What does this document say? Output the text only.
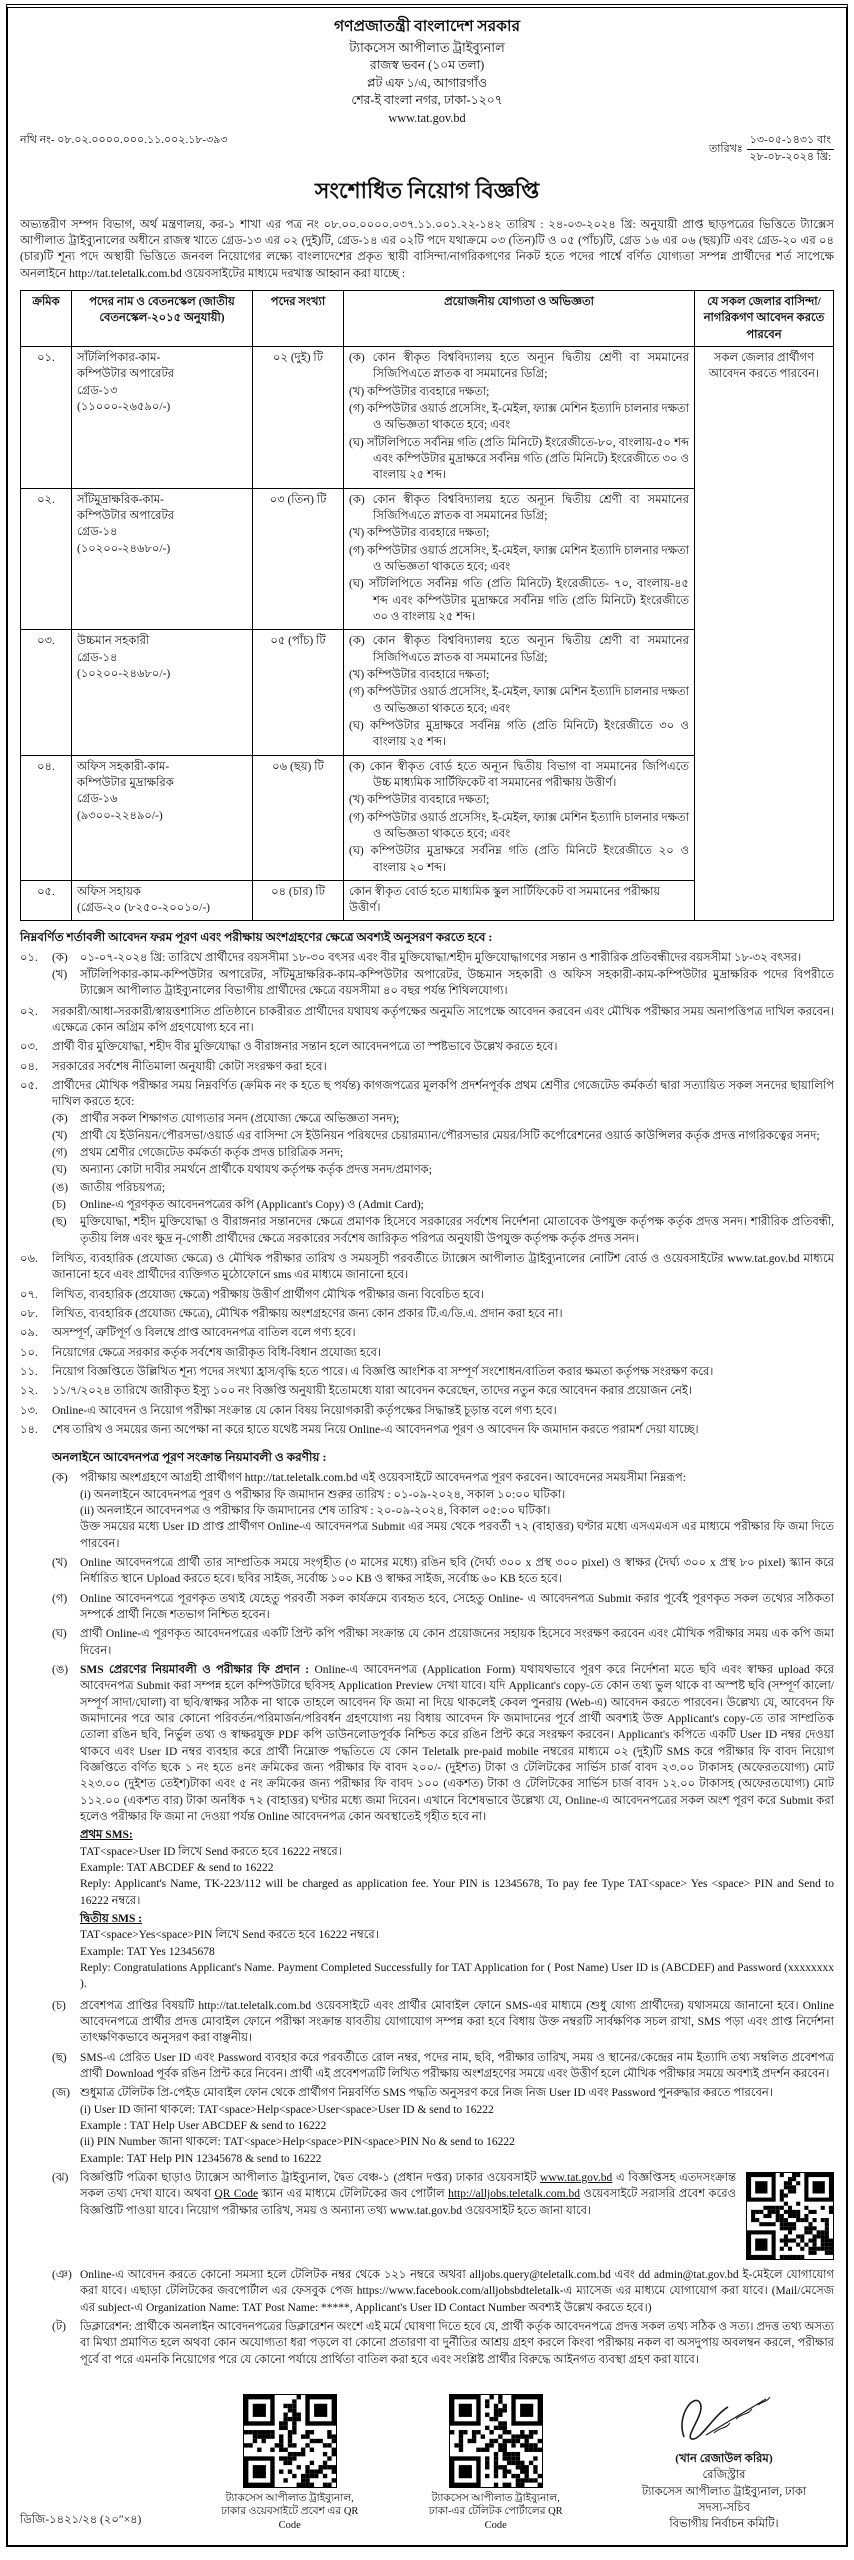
গণপ্রজাতন্ত্রী বাংলাদেশ সরকার
ট্যাকসেস আপীলাত ট্রাইব্যুনাল
রাজস্ব ভবন (১০ম তলা)
প্লট এফ ১/এ, আগারগাঁও
শের-ই বাংলা নগর, ঢাকা-১২০৭
www.tat.gov.bd
নথি নং- ০৮.০২.০০০০.০০০.১১.০০২.১৮-৩৯৩
তারিখঃ $\frac{\text{১৩-০৫-১৪৩১ বাং}}{\text{২৮-০৮-২০২৪ খ্রি:}}$
সংশোধিত নিয়োগ বিজ্ঞপ্তি
অভ্যন্তরীণ সম্পদ বিভাগ, অর্থ মন্ত্রণালয়, কর-১ শাখা এর পত্র নং ০৮.০০.০০০০.০৩৭.১১.০০১.২২-১৪২ তারিখ : ২৪-০৩-২০২৪ খ্রি: অনুযায়ী প্রাপ্ত ছাড়পত্রের ভিত্তিতে ট্যাক্সেস আপীলাত ট্রাইব্যুনালের অধীনে রাজস্ব খাতে গ্রেড-১৩ এর ০২ (দুই)টি, গ্রেড-১৪ এর ০২টি পদে যথাক্রমে ০৩ (তিন)টি ও ০৫ (পাঁচ)টি, গ্রেড ১৬ এর ০৬ (ছয়)টি এবং গ্রেড-২০ এর ০৪ (চার)টি শূন্য পদে অস্থায়ী ভিত্তিতে জনবল নিয়োগের লক্ষ্যে বাংলাদেশের প্রকৃত স্থায়ী বাসিন্দা/নাগরিকগণের নিকট হতে পদের পার্শ্বে বর্ণিত যোগ্যতা সম্পন্ন প্রার্থীদের শর্ত সাপেক্ষে অনলাইনে http://tat.teletalk.com.bd ওয়েবসাইটের মাধ্যমে দরখাস্ত আহ্বান করা যাচ্ছে :
ক্রমিক	পদের নাম ও বেতনস্কেল (জাতীয় বেতনস্কেল-২০১৫ অনুযায়ী)	পদের সংখ্যা	প্রয়োজনীয় যোগ্যতা ও অভিজ্ঞতা	যে সকল জেলার বাসিন্দা/নাগরিকগণ আবেদন করতে পারবেন
০১.	সাঁটলিপিকার-কাম-
কম্পিউটার অপারেটর
গ্রেড-১৩
(১১০০০-২৬৫৯০/-)	০২ (দুই) টি	(ক) কোন স্বীকৃত বিশ্ববিদ্যালয় হতে অন্যূন দ্বিতীয় শ্রেণী বা সমমানের সিজিপিএতে স্নাতক বা সমমানের ডিগ্রি;

(খ) কম্পিউটার ব্যবহারে দক্ষতা;

(গ) কম্পিউটার ওয়ার্ড প্রসেসিং, ই-মেইল, ফ্যাক্স মেশিন ইত্যাদি চালনার দক্ষতা ও অভিজ্ঞতা থাকতে হবে; এবং

(ঘ) সাঁটলিপিতে সর্বনিম্ন গতি (প্রতি মিনিটে) ইংরেজীতে-৮০, বাংলায়-৫০ শব্দ এবং কম্পিউটার মুদ্রাক্ষরে সর্বনিম্ন গতি (প্রতি মিনিটে) ইংরেজীতে ৩০ ও বাংলায় ২৫ শব্দ।

	সকল জেলার প্রার্থীগণ আবেদন করতে পারবেন।
০২.	সাঁটমুদ্রাক্ষরিক-কাম-
কম্পিউটার অপারেটর
গ্রেড-১৪
(১০২০০-২৪৬৮০/-)	০৩ (তিন) টি	(ক) কোন স্বীকৃত বিশ্ববিদ্যালয় হতে অন্যূন দ্বিতীয় শ্রেণী বা সমমানের সিজিপিএতে স্নাতক বা সমমানের ডিগ্রি;

(খ) কম্পিউটার ব্যবহারে দক্ষতা;

(গ) কম্পিউটার ওয়ার্ড প্রসেসিং, ই-মেইল, ফ্যাক্স মেশিন ইত্যাদি চালনার দক্ষতা ও অভিজ্ঞতা থাকতে হবে; এবং

(ঘ) সাঁটলিপিতে সর্বনিম্ন গতি (প্রতি মিনিটে) ইংরেজীতে- ৭০, বাংলায়-৪৫ শব্দ এবং কম্পিউটার মুদ্রাক্ষরে সর্বনিম্ন গতি (প্রতি মিনিটে) ইংরেজীতে ৩০ ও বাংলায় ২৫ শব্দ।

০৩.	উচ্চমান সহকারী
গ্রেড-১৪
(১০২০০-২৪৬৮০/-)	০৫ (পাঁচ) টি	(ক) কোন স্বীকৃত বিশ্ববিদ্যালয় হতে অন্যূন দ্বিতীয় শ্রেণী বা সমমানের সিজিপিএতে স্নাতক বা সমমানের ডিগ্রি;

(খ) কম্পিউটার ব্যবহারে দক্ষতা;

(গ) কম্পিউটার ওয়ার্ড প্রসেসিং, ই-মেইল, ফ্যাক্স মেশিন ইত্যাদি চালনার দক্ষতা ও অভিজ্ঞতা থাকতে হবে; এবং

(ঘ) কম্পিউটার মুদ্রাক্ষরে সর্বনিম্ন গতি (প্রতি মিনিটে) ইংরেজীতে ৩০ ও বাংলায় ২৫ শব্দ।

০৪.	অফিস সহকারী-কাম-
কম্পিউটার মুদ্রাক্ষরিক
গ্রেড-১৬
(৯৩০০-২২৪৯০/-)	০৬ (ছয়) টি	(ক) কোন স্বীকৃত বোর্ড হতে অন্যূন দ্বিতীয় বিভাগ বা সমমানের জিপিএতে উচ্চ মাধ্যমিক সার্টিফিকেট বা সমমানের পরীক্ষায় উত্তীর্ণ।

(খ) কম্পিউটার ব্যবহারে দক্ষতা;

(গ) কম্পিউটার ওয়ার্ড প্রসেসিং, ই-মেইল, ফ্যাক্স মেশিন ইত্যাদি চালনার দক্ষতা ও অভিজ্ঞতা থাকতে হবে; এবং

(ঘ) কম্পিউটার মুদ্রাক্ষরে সর্বনিম্ন গতি (প্রতি মিনিটে ইংরেজীতে ২০ ও বাংলায় ২০ শব্দ।

০৫.	অফিস সহায়ক
(গ্রেড-২০ (৮২৫০-২০০১০/-)	০৪ (চার) টি	কোন স্বীকৃত বোর্ড হতে মাধ্যমিক স্কুল সার্টিফিকেট বা সমমানের পরীক্ষায় উত্তীর্ণ।	
নিম্নবর্ণিত শর্তাবলী আবেদন ফরম পূরণ এবং পরীক্ষায় অংশগ্রহণের ক্ষেত্রে অবশ্যই অনুসরণ করতে হবে :
০১.	(ক)	০১-০৭-২০২৪ খ্রি: তারিখে প্রার্থীদের বয়সসীমা ১৮-৩০ বৎসর এবং বীর মুক্তিযোদ্ধা/শহীদ মুক্তিযোদ্ধাগণের সন্তান ও শারীরিক প্রতিবন্ধীদের বয়সসীমা ১৮-৩২ বৎসর।
(খ)	সাঁটলিপিকার-কাম-কম্পিউটার অপারেটর, সাঁটমুদ্রাক্ষরিক-কাম-কম্পিউটার অপারেটর, উচ্চমান সহকারী ও অফিস সহকারী-কাম-কম্পিউটার মুদ্রাক্ষরিক পদের বিপরীতে ট্যাক্সেস আপীলাত ট্রাইব্যুনালের বিভাগীয় প্রার্থীদের ক্ষেত্রে বয়সসীমা ৪০ বছর পর্যন্ত শিথিলযোগ্য।
০২.	সরকারী/আধা-সরকারী/স্বায়ত্তশাসিত প্রতিষ্ঠানে চাকরীরত প্রার্থীদের যথাযথ কর্তৃপক্ষের অনুমতি সাপেক্ষে আবেদন করবেন এবং মৌখিক পরীক্ষার সময় অনাপত্তিপত্র দাখিল করবেন। এক্ষেত্রে কোন অগ্রিম কপি গ্রহণযোগ্য হবে না।
০৩.	প্রার্থী বীর মুক্তিযোদ্ধা, শহীদ বীর মুক্তিযোদ্ধা ও বীরাঙ্গনার সন্তান হলে আবেদনপত্রে তা স্পষ্টভাবে উল্লেখ করতে হবে।
০৪.	সরকারের সর্বশেষ নীতিমালা অনুযায়ী কোটা সংরক্ষণ করা হবে।
০৫.	প্রার্থীদের মৌখিক পরীক্ষার সময় নিম্নবর্ণিত (ক্রমিক নং ক হতে ছ পর্যন্ত) কাগজপত্রের মূলকপি প্রদর্শনপূর্বক প্রথম শ্রেণীর গেজেটেড কর্মকর্তা দ্বারা সত্যায়িত সকল সনদের ছায়ালিপি দাখিল করতে হবে:
(ক)	প্রার্থীর সকল শিক্ষাগত যোগ্যতার সনদ (প্রযোজ্য ক্ষেত্রে অভিজ্ঞতা সনদ);
(খ)	প্রার্থী যে ইউনিয়ন/পৌরসভা/ওয়ার্ড এর বাসিন্দা সে ইউনিয়ন পরিষদের চেয়ারম্যান/পৌরসভার মেয়র/সিটি কর্পোরেশনের ওয়ার্ড কাউন্সিলর কর্তৃক প্রদত্ত নাগরিকত্বের সনদ;
(গ)	প্রথম শ্রেণীর গেজেটেড কর্মকর্তা কর্তৃক প্রদত্ত চারিত্রিক সনদ;
(ঘ)	অন্যান্য কোটা দাবীর সমর্থনে প্রার্থীকে যথাযথ কর্তৃপক্ষ কর্তৃক প্রদত্ত সনদ/প্রমাণক;
(ঙ)	জাতীয় পরিচয়পত্র;
(চ)	Online-এ পূরণকৃত আবেদনপত্রের কপি (Applicant's Copy) ও (Admit Card);
(ছ)	মুক্তিযোদ্ধা, শহীদ মুক্তিযোদ্ধা ও বীরাঙ্গনার সন্তানদের ক্ষেত্রে প্রমাণক হিসেবে সরকারের সর্বশেষ নির্দেশনা মোতাবেক উপযুক্ত কর্তৃপক্ষ কর্তৃক প্রদত্ত সনদ। শারীরিক প্রতিবন্ধী, তৃতীয় লিঙ্গ এবং ক্ষুদ্র নৃ-গোষ্ঠী প্রার্থীদের ক্ষেত্রে সরকারের সর্বশেষ জারিকৃত পরিপত্র অনুযায়ী উপযুক্ত কর্তৃপক্ষ কর্তৃক প্রদত্ত সনদ।
০৬.	লিখিত, ব্যবহারিক (প্রযোজ্য ক্ষেত্রে) ও মৌখিক পরীক্ষার তারিখ ও সময়সূচী পরবর্তীতে ট্যাক্সেস আপীলাত ট্রাইব্যুনালের নোটিশ বোর্ড ও ওয়েবসাইটের www.tat.gov.bd মাধ্যমে জানানো হবে এবং প্রার্থীদের ব্যক্তিগত মুঠোফোনে sms এর মাধ্যমে জানানো হবে।
০৭.	লিখিত, ব্যবহারিক (প্রযোজ্য ক্ষেত্রে) পরীক্ষায় উত্তীর্ণ প্রার্থীগণ মৌখিক পরীক্ষার জন্য বিবেচিত হবে।
০৮.	লিখিত, ব্যবহারিক (প্রযোজ্য ক্ষেত্রে), মৌখিক পরীক্ষায় অংশগ্রহণের জন্য কোন প্রকার টি.এ/ডি.এ. প্রদান করা হবে না।
০৯.	অসম্পূর্ণ, ত্রুটিপূর্ণ ও বিলম্বে প্রাপ্ত আবেদনপত্র বাতিল বলে গণ্য হবে।
১০.	নিয়োগের ক্ষেত্রে সরকার কর্তৃক সর্বশেষ জারীকৃত বিধি-বিধান প্রযোজ্য হবে।
১১.	নিয়োগ বিজ্ঞপ্তিতে উল্লিখিত শূন্য পদের সংখ্যা হ্রাস/বৃদ্ধি হতে পারে। এ বিজ্ঞপ্তি আংশিক বা সম্পূর্ণ সংশোধন/বাতিল করার ক্ষমতা কর্তৃপক্ষ সংরক্ষণ করে।
১২.	১১/৭/২০২৪ তারিখে জারীকৃত ইস্যু ১০০ নং বিজ্ঞপ্তি অনুযায়ী ইতোমধ্যে যারা আবেদন করেছেন, তাদের নতুন করে আবেদন করার প্রয়োজন নেই।
১৩.	Online-এ আবেদন ও নিয়োগ পরীক্ষা সংক্রান্ত যে কোন বিষয় নিয়োগকারী কর্তৃপক্ষের সিদ্ধান্তই চূড়ান্ত বলে গণ্য হবে।
১৪.	শেষ তারিখ ও সময়ের জন্য অপেক্ষা না করে হাতে যথেষ্ট সময় নিয়ে Online-এ আবেদনপত্র পূরণ ও আবেদন ফি জমাদান করতে পরামর্শ দেয়া যাচ্ছে।
অনলাইনে আবেদনপত্র পূরণ সংক্রান্ত নিয়মাবলী ও করণীয় :
(ক)	পরীক্ষায় অংশগ্রহণে আগ্রহী প্রার্থীগণ http://tat.teletalk.com.bd এই ওয়েবসাইটে আবেদনপত্র পূরণ করবেন। আবেদনের সময়সীমা নিম্নরূপ:
(i) অনলাইনে আবেদনপত্র পূরণ ও পরীক্ষার ফি জমাদান শুরুর তারিখ : ০১-০৯-২০২৪, সকাল ১০:০০ ঘটিকা।
(ii) অনলাইনে আবেদনপত্র ও পরীক্ষার ফি জমাদানের শেষ তারিখ : ২০-০৯-২০২৪, বিকাল ০৫:০০ ঘটিকা।
উক্ত সময়ের মধ্যে User ID প্রাপ্ত প্রার্থীগণ Online-এ আবেদনপত্র Submit এর সময় থেকে পরবর্তী ৭২ (বাহাত্তর) ঘণ্টার মধ্যে এসএমএস এর মাধ্যমে পরীক্ষার ফি জমা দিতে পারবেন।
(খ)	Online আবেদনপত্রে প্রার্থী তার সাম্প্রতিক সময়ে সংগৃহীত (৩ মাসের মধ্যে) রঙিন ছবি (দৈর্ঘ্য ৩০০ x প্রস্থ ৩০০ pixel) ও স্বাক্ষর (দৈর্ঘ্য ৩০০ x প্রস্থ ৮০ pixel) স্ক্যান করে নির্ধারিত স্থানে Upload করতে হবে। ছবির সাইজ, সর্বোচ্চ ১০০ KB ও স্বাক্ষর সাইজ, সর্বোচ্চ ৬০ KB হতে হবে।
(গ)	Online আবেদনপত্রে পূরণকৃত তথ্যই যেহেতু পরবর্তী সকল কার্যক্রমে ব্যবহৃত হবে, সেহেতু Online- এ আবেদনপত্র Submit করার পূর্বেই পূরণকৃত সকল তথ্যের সঠিকতা সম্পর্কে প্রার্থী নিজে শতভাগ নিশ্চিত হবেন।
(ঘ)	প্রার্থী Online-এ পূরণকৃত আবেদনপত্রের একটি প্রিন্ট কপি পরীক্ষা সংক্রান্ত যে কোন প্রয়োজনের সহায়ক হিসেবে সংরক্ষণ করবেন এবং মৌখিক পরীক্ষার সময় এক কপি জমা দিবেন।
(ঙ)	SMS প্রেরণের নিয়মাবলী ও পরীক্ষার ফি প্রদান : Online-এ আবেদনপত্র (Application Form) যথাযথভাবে পূরণ করে নির্দেশনা মতে ছবি এবং স্বাক্ষর upload করে আবেদনপত্র Submit করা সম্পন্ন হলে কম্পিউটারে ছবিসহ Application Preview দেখা যাবে। যদি Applicant's copy-তে কোন তথ্য ভুল থাকে বা অস্পষ্ট ছবি (সম্পূর্ণ কালো/সম্পূর্ণ সাদা/ঘোলা) বা ছবি/স্বাক্ষর সঠিক না থাকে তাহলে আবেদন ফি জমা না দিয়ে থাকলেই কেবল পুনরায় (Web-এ) আবেদন করতে পারবেন। উল্লেখ্য যে, আবেদন ফি জমাদানের পরে আর কোনো পরিবর্তন/পরিমার্জন/পরিবর্ধন গ্রহণযোগ্য নয় বিধায় আবেদন ফি জমাদানের পূর্বে প্রার্থী অবশ্যই উক্ত Applicant's copy-তে তার সাম্প্রতিক তোলা রঙিন ছবি, নির্ভুল তথ্য ও স্বাক্ষরযুক্ত PDF কপি ডাউনলোডপূর্বক নিশ্চিত করে রঙিন প্রিন্ট করে সংরক্ষণ করবেন। Applicant's কপিতে একটি User ID নম্বর দেওয়া থাকবে এবং User ID নম্বর ব্যবহার করে প্রার্থী নিম্নোক্ত পদ্ধতিতে যে কোন Teletalk pre-paid mobile নম্বরের মাধ্যমে ০২ (দুই)টি SMS করে পরীক্ষার ফি বাবদ নিয়োগ বিজ্ঞপ্তিতে বর্ণিত ছকে ১ নং হতে ৪নং ক্রমিকের জন্য পরীক্ষার ফি বাবদ ২০০/- (দুইশত) টাকা ও টেলিটকের সার্ভিস চার্জ বাবদ ২৩.০০ টাকাসহ (অফেরতযোগ্য) মোট ২২৩.০০ (দুইশত তেইশ)টাকা এবং ৫ নং ক্রমিকের জন্য পরীক্ষার ফি বাবদ ১০০ (একশত) টাকা ও টেলিটকের সার্ভিস চার্জ বাবদ ১২.০০ টাকাসহ (অফেরতযোগ্য) মোট ১১২.০০ (একশত বার) টাকা অনধিক ৭২ (বাহাত্তর) ঘণ্টার মধ্যে জমা দিবেন। এখানে বিশেষভাবে উল্লেখ্য যে, Online-এ আবেদনপত্রের সকল অংশ পূরণ করে Submit করা হলেও পরীক্ষার ফি জমা না দেওয়া পর্যন্ত Online আবেদনপত্র কোন অবস্থাতেই গৃহীত হবে না।
প্রথম SMS:
TAT<space>User ID লিখে Send করতে হবে 16222 নম্বরে।
Example: TAT ABCDEF & send to 16222
Reply: Applicant's Name, TK-223/112 will be charged as application fee. Your PIN is 12345678, To pay fee Type TAT<space> Yes <space> PIN and Send to 16222 নম্বরে।
দ্বিতীয় SMS :
TAT<space>Yes<space>PIN লিখে Send করতে হবে 16222 নম্বরে।
Example: TAT Yes 12345678
Reply: Congratulations Applicant's Name. Payment Completed Successfully for TAT Application for ( Post Name) User ID is (ABCDEF) and Password (xxxxxxxx ).
(চ)	প্রবেশপত্র প্রাপ্তির বিষয়টি http://tat.teletalk.com.bd ওয়েবসাইটে এবং প্রার্থীর মোবাইল ফোনে SMS-এর মাধ্যমে (শুধু যোগ্য প্রার্থীদের) যথাসময়ে জানানো হবে। Online আবেদনপত্রে প্রার্থীর প্রদত্ত মোবাইল ফোনে পরীক্ষা সংক্রান্ত যাবতীয় যোগাযোগ সম্পন্ন করা হবে বিধায় উক্ত নম্বরটি সার্বক্ষণিক সচল রাখা, SMS পড়া এবং প্রাপ্ত নির্দেশনা তাৎক্ষণিকভাবে অনুসরণ করা বাঞ্ছনীয়।
(ছ)	SMS-এ প্রেরিত User ID এবং Password ব্যবহার করে পরবর্তীতে রোল নম্বর, পদের নাম, ছবি, পরীক্ষার তারিখ, সময় ও স্থানের/কেন্দ্রের নাম ইত্যাদি তথ্য সম্বলিত প্রবেশপত্র প্রার্থী Download পূর্বক রঙিন প্রিন্ট করে নিবেন। প্রার্থী এই প্রবেশপত্রটি লিখিত পরীক্ষায় অংশগ্রহণের সময়ে এবং উত্তীর্ণ হলে মৌখিক পরীক্ষার সময়ে অবশ্যই প্রদর্শন করবেন।
(জ) শুধুমাত্র টেলিটক প্রি-পেইড মোবাইল ফোন থেকে প্রার্থীগণ নিম্নবর্ণিত SMS পদ্ধতি অনুসরণ করে নিজ নিজ User ID এবং Password পুনরুদ্ধার করতে পারবেন।
(i) User ID জানা থাকলে: TAT<space>Help<space>User<space>User ID & send to 16222
Example : TAT Help User ABCDEF & send to 16222
(ii) PIN Number জানা থাকলে: TAT<space>Help<space>PIN<space>PIN No & send to 16222
Example: TAT Help PIN 12345678 & send to 16222
(ঝ)	বিজ্ঞপ্তিটি পত্রিকা ছাড়াও ট্যাক্সেস আপীলাত ট্রাইব্যুনাল, দ্বৈত বেঞ্চ-১ (প্রধান দপ্তর) ঢাকার ওয়েবসাইট www.tat.gov.bd এ বিজ্ঞপ্তিসহ এতদসংক্রান্ত সকল তথ্য দেখা যাবে। অথবা QR Code স্ক্যান এর মাধ্যমে টেলিটকের জব পোর্টাল http://alljobs.teletalk.com.bd ওয়েবসাইটে সরাসরি প্রবেশ করেও বিজ্ঞপ্তিটি পাওয়া যাবে। নিয়োগ পরীক্ষার তারিখ, সময় ও অন্যান্য তথ্য www.tat.gov.bd ওয়েবসাইট হতে জানা যাবে।
(ঞ) Online-এ আবেদন করতে কোনো সমস্যা হলে টেলিটক নম্বর থেকে ১২১ নম্বরে অথবা alljobs.query@teletalk.com.bd এবং dd admin@tat.gov.bd ই-মেইলে যোগাযোগ করা যাবে। এছাড়া টেলিটকের জবপোর্টাল এর ফেসবুক পেজ https://www.facebook.com/alljobsbdteletalk-এ ম্যাসেজ এর মাধ্যমে যোগাযোগ করা যাবে। (Mail/মেসেজ এর subject-এ Organization Name: TAT Post Name: *****, Applicant's User ID Contact Number অবশ্যই উল্লেখ করতে হবে।)
(ট)	ডিক্লারেশন: প্রার্থীকে অনলাইন আবেদনপত্রের ডিক্লারেশন অংশে এই মর্মে ঘোষণা দিতে হবে যে, প্রার্থী কর্তৃক আবেদনপত্রে প্রদত্ত সকল তথ্য সঠিক ও সত্য। প্রদত্ত তথ্য অসত্য বা মিথ্যা প্রমাণিত হলে অথবা কোন অযোগ্যতা ধরা পড়লে বা কোনো প্রতারণা বা দুর্নীতির আশ্রয় গ্রহণ করলে কিংবা পরীক্ষায় নকল বা অসদুপায় অবলম্বন করলে, পরীক্ষার পূর্বে বা পরে এমনকি নিয়োগের পরে যে কোনো পর্যায়ে প্রার্থিতা বাতিল করা হবে এবং সংশ্লিষ্ট প্রার্থীর বিরুদ্ধে আইনগত ব্যবস্থা গ্রহণ করা যাবে।
ডিজি-১৪২১/২৪ (২০″×৪)
ট্যাকসেস আপীলাত ট্রাইব্যুনাল, ঢাকার ওয়েবসাইটে প্রবেশ এর QR Code
ট্যাকসেস আপীলাত ট্রাইব্যুনাল, ঢাকা-এর টেলিটক পোর্টালের QR Code
(খান রেজাউল করিম)
রেজিস্ট্রার
ট্যাকসেস আপীলাত ট্রাইব্যুনাল, ঢাকা
সদস্য-সচিব
বিভাগীয় নির্বাচন কমিটি।
